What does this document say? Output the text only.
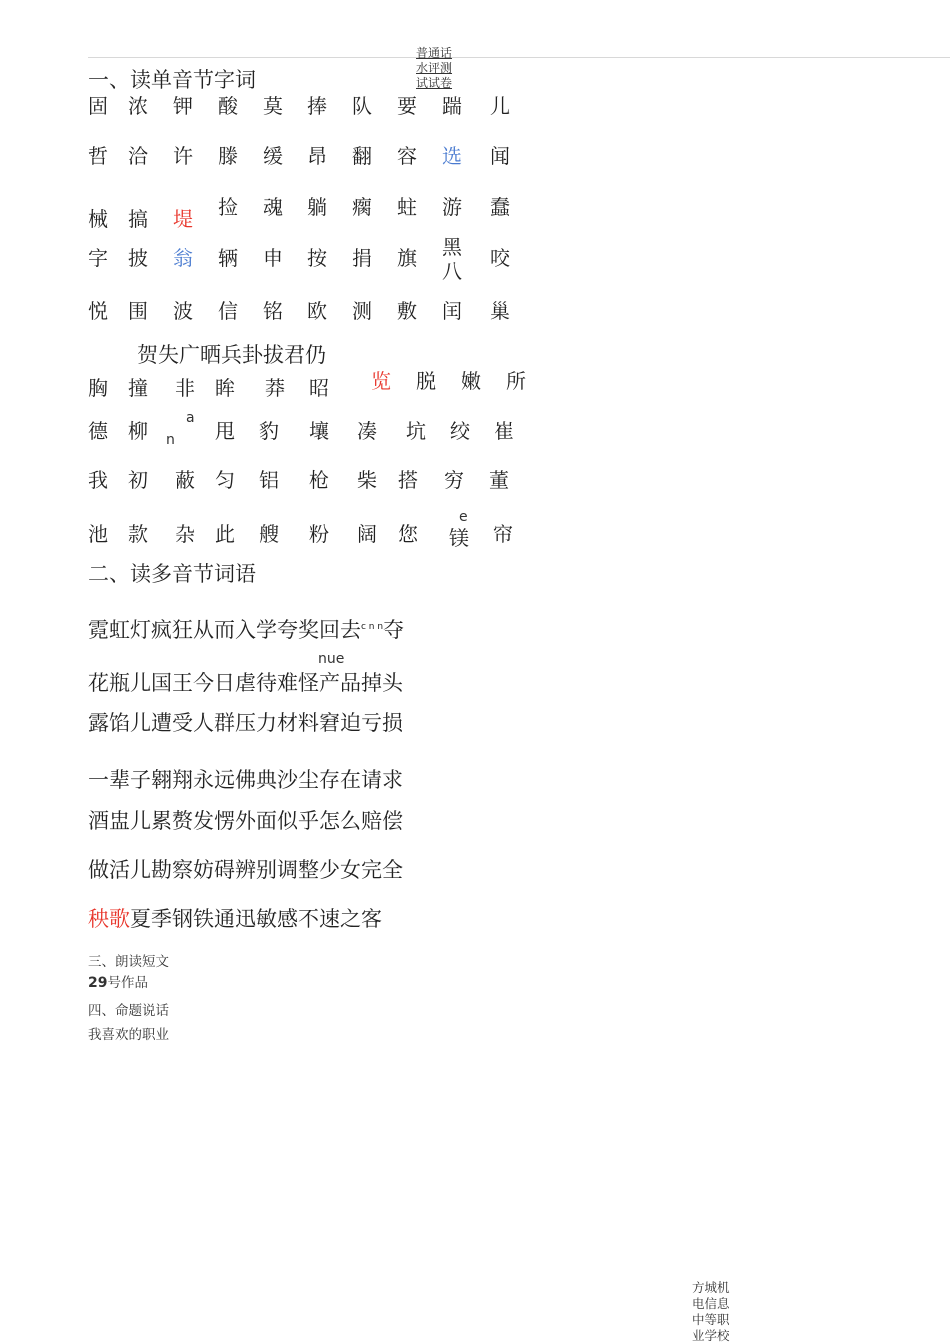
普通话
水评测
试试卷
一、读单音节字词
固 浓 钾 酸 莫 捧 队 要 踹 儿
哲 洽 许 滕 缓 昂 翻 容 选 闻
械 搞 堤 捡 魂 躺 瘸 蛀 游 蠢
字 披 翁 辆 申 按 捐 旗 黑 咬
悦 围 波 信 铭 欧 测 敷 闰 巢
八
贺失广晒兵卦拔君仍
胸 撞 非 眸 莽 昭 览 脱 嫩 所
德 柳	甩 豹 壤 凑 坑 绞 崔
我 初 蔽 匀 铝 枪 柴 搭 穷 董
池 款 杂 此 艘 粉 阔 您 镁 帘
a
n
e
二、读多音节词语
霓虹灯疯狂从而入学夸奖回去$^{c n n}$夺
nue
花瓶儿国王今日虐待难怪产品掉头
露馅儿遭受人群压力材料窘迫亏损
一辈子翱翔永远佛典沙尘存在请求
酒盅儿累赘发愣外面似乎怎么赔偿
做活儿勘察妨碍辨别调整少女完全
秧歌夏季钢铁通迅敏感不速之客
三、朗读短文
29号作品
四、命题说话
我喜欢的职业
方城机
电信息
中等职
业学校
